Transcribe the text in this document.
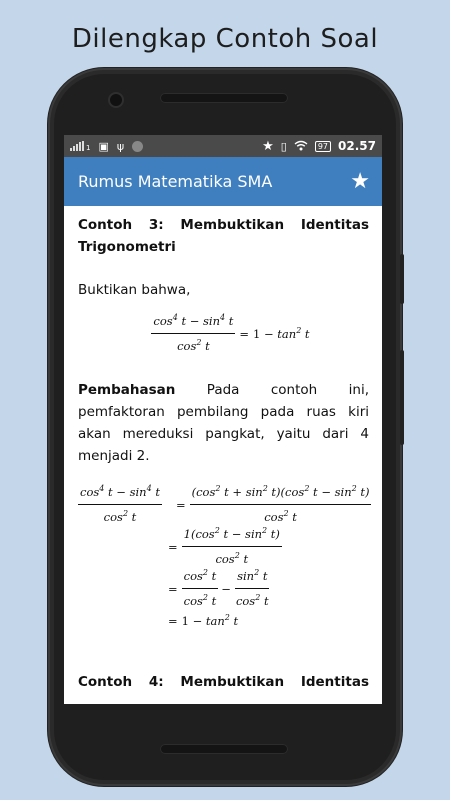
Dilengkap Contoh Soal
1 ▣ ψ	★ ▯	97 02.57
Rumus Matematika SMA	★
Contoh 3: Membuktikan Identitas
Trigonometri
Buktikan bahwa,
$\frac{\cos^4 t - \sin^4 t}{\cos^2 t} = 1 - \tan^2 t$

Pembahasan Pada contoh ini, pemfaktoran pembilang pada ruas kiri akan mereduksi pangkat, yaitu dari 4 menjadi 2.

$\frac{\cos^4 t - \sin^4 t}{\cos^2 t} = \frac{(\cos^2 t + \sin^2 t)(\cos^2 t - \sin^2 t)}{\cos^2 t}$
= $\frac{1(\cos^2 t - \sin^2 t)}{\cos^2 t}$
= $\frac{\cos^2 t}{\cos^2 t} - \frac{\sin^2 t}{\cos^2 t}$
= $1 - \tan^2 t$
Contoh 4: Membuktikan Identitas
